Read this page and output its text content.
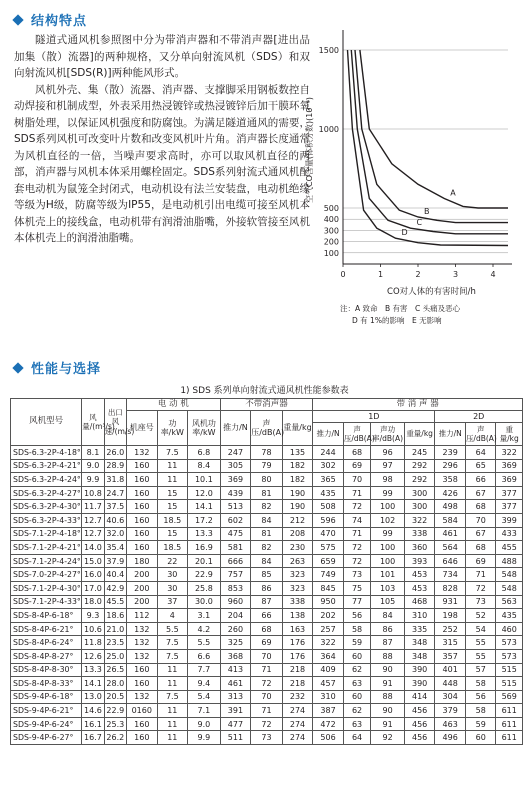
结构特点

隧道式通风机参照图中分为带消声器和不带消声器[进出品加集（散）流器]的两种规格，又分单向射流风机（SDS）和双向射流风机[SDS(R)]两种能风形式。

风机外壳、集（散）流器、消声器、支撑脚采用钢板数控自动焊接和机制成型，外表采用热浸镀锌或热浸镀锌后加干膜环氧树脂处理，以保证风机强度和防腐蚀。为满足隧道通风的需要，SDS系列风机可改变叶片数和改变风机叶片角。消声器长度通常为风机直径的一倍，当噪声要求高时，亦可以取风机直径的两部，消声器与风机本体采用螺栓固定。SDS系列射流式通风机配套电动机为鼠笼全封闭式，电动机设有法兰安装盘，电动机绝缘等级为H级，防腐等级为IP55，是电动机引出电缆可接至风机本体机壳上的接线盒，电动机带有润滑油脂嘴，外接软管接至风机本体机壳上的润滑油脂嘴。

100
200
300
400
500
1000
1500
0	1	2	3	4
A
B
C
D
空气CO含量(体积分数)(10⁻⁶)
CO对人体的有害时间/h
注：A 致命　B 有害　C 头痛及恶心
D 有 1%的影响　E 无影响
性能与选择
1) SDS 系列单向射流式通风机性能参数表
风机型号	风量/(m³/s)	出口风速/(m/s)	电 动 机			不带消声器			带 消 声 器						
			机座号	功率/kW	风机功率/kW	推力/N	声压/dB(A)	重量/kg	1D				2D		
									推力/N	声压/dB(A)	声功率/dB(A)	重量/kg	推力/N	声压/dB(A)	重量/kg
SDS-6.3-2P-4-18°	8.1	26.0	132	7.5	6.8	247	78	135	244	68	96	245	239	64	322
SDS-6.3-2P-4-21°	9.0	28.9	160	11	8.4	305	79	182	302	69	97	292	296	65	369
SDS-6.3-2P-4-24°	9.9	31.8	160	11	10.1	369	80	182	365	70	98	292	358	66	369
SDS-6.3-2P-4-27°	10.8	24.7	160	15	12.0	439	81	190	435	71	99	300	426	67	377
SDS-6.3-2P-4-30°	11.7	37.5	160	15	14.1	513	82	190	508	72	100	300	498	68	377
SDS-6.3-2P-4-33°	12.7	40.6	160	18.5	17.2	602	84	212	596	74	102	322	584	70	399
SDS-7.1-2P-4-18°	12.7	32.0	160	15	13.3	475	81	208	470	71	99	338	461	67	433
SDS-7.1-2P-4-21°	14.0	35.4	160	18.5	16.9	581	82	230	575	72	100	360	564	68	455
SDS-7.1-2P-4-24°	15.0	37.9	180	22	20.1	666	84	263	659	72	100	393	646	69	488
SDS-7.0-2P-4-27°	16.0	40.4	200	30	22.9	757	85	323	749	73	101	453	734	71	548
SDS-7.1-2P-4-30°	17.0	42.9	200	30	25.8	853	86	323	845	75	103	453	828	72	548
SDS-7.1-2P-4-33°	18.0	45.5	200	37	30.0	960	87	338	950	77	105	468	931	73	563
SDS-8-4P-6-18°	9.3	18.6	112	4	3.1	204	66	138	202	56	84	310	198	52	435
SDS-8-4P-6-21°	10.6	21.0	132	5.5	4.2	260	68	163	257	58	86	335	252	54	460
SDS-8-4P-6-24°	11.8	23.5	132	7.5	5.5	325	69	176	322	59	87	348	315	55	573
SDS-8-4P-8-27°	12.6	25.0	132	7.5	6.6	368	70	176	364	60	88	348	357	55	573
SDS-8-4P-8-30°	13.3	26.5	160	11	7.7	413	71	218	409	62	90	390	401	57	515
SDS-8-4P-8-33°	14.1	28.0	160	11	9.4	461	72	218	457	63	91	390	448	58	515
SDS-9-4P-6-18°	13.0	20.5	132	7.5	5.4	313	70	232	310	60	88	414	304	56	569
SDS-9-4P-6-21°	14.6	22.9	0160	11	7.1	391	71	274	387	62	90	456	379	58	611
SDS-9-4P-6-24°	16.1	25.3	160	11	9.0	477	72	274	472	63	91	456	463	59	611
SDS-9-4P-6-27°	16.7	26.2	160	11	9.9	511	73	274	506	64	92	456	496	60	611
